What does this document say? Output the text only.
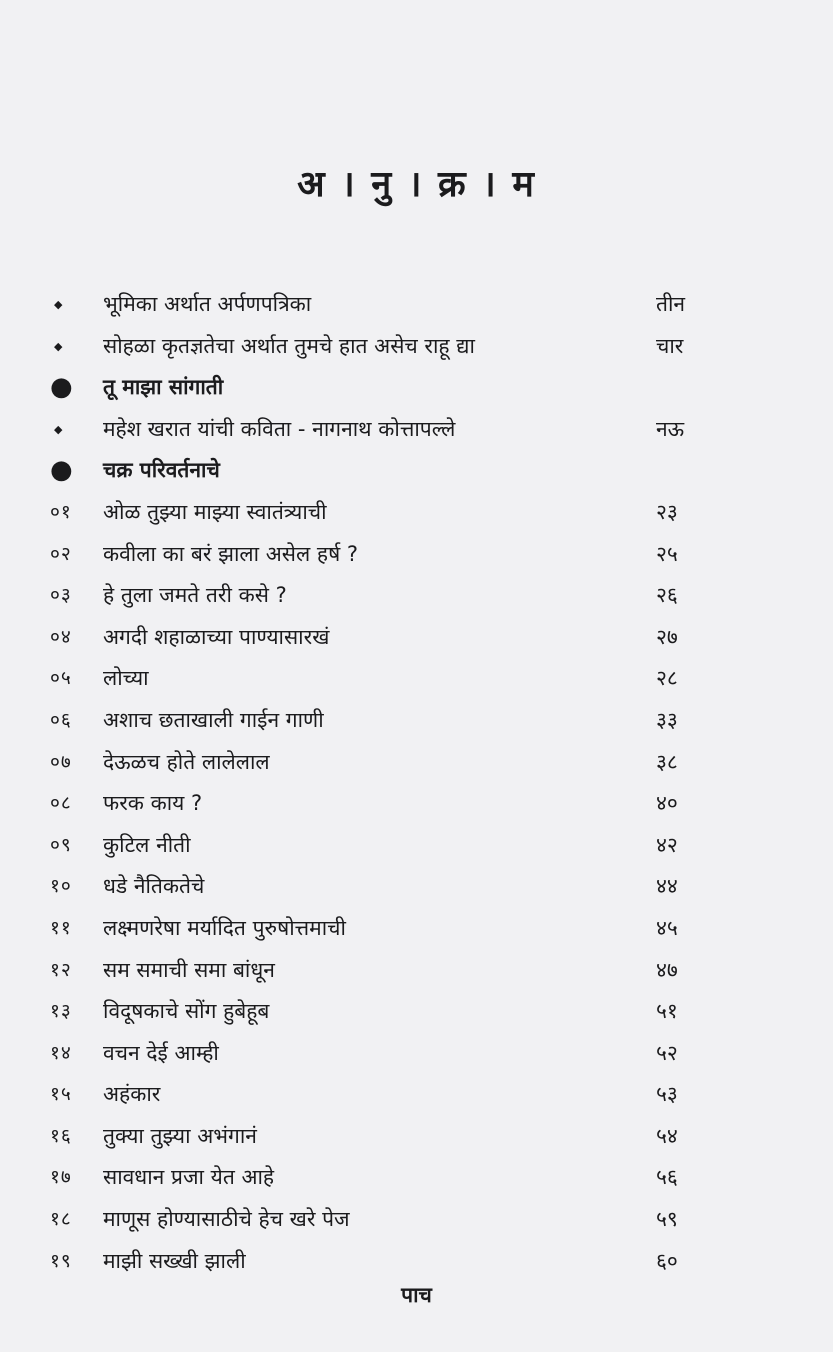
अ । नु । क्र । म
◆	भूमिका अर्थात अर्पणपत्रिका	तीन
◆	सोहळा कृतज्ञतेचा अर्थात तुमचे हात असेच राहू द्या	चार
●	तू माझा सांगाती
◆	महेश खरात यांची कविता - नागनाथ कोत्तापल्ले	नऊ
●	चक्र परिवर्तनाचे
०१	ओळ तुझ्या माझ्या स्वातंत्र्याची	२३
०२	कवीला का बरं झाला असेल हर्ष ?	२५
०३	हे तुला जमते तरी कसे ?	२६
०४	अगदी शहाळाच्या पाण्यासारखं	२७
०५	लोच्या	२८
०६	अशाच छताखाली गाईन गाणी	३३
०७	देऊळच होते लालेलाल	३८
०८	फरक काय ?	४०
०९	कुटिल नीती	४२
१०	धडे नैतिकतेचे	४४
११	लक्ष्मणरेषा मर्यादित पुरुषोत्तमाची	४५
१२	सम समाची समा बांधून	४७
१३	विदूषकाचे सोंग हुबेहूब	५१
१४	वचन देई आम्ही	५२
१५	अहंकार	५३
१६	तुक्या तुझ्या अभंगानं	५४
१७	सावधान प्रजा येत आहे	५६
१८	माणूस होण्यासाठीचे हेच खरे पेज	५९
१९	माझी सख्खी झाली	६०
पाच
